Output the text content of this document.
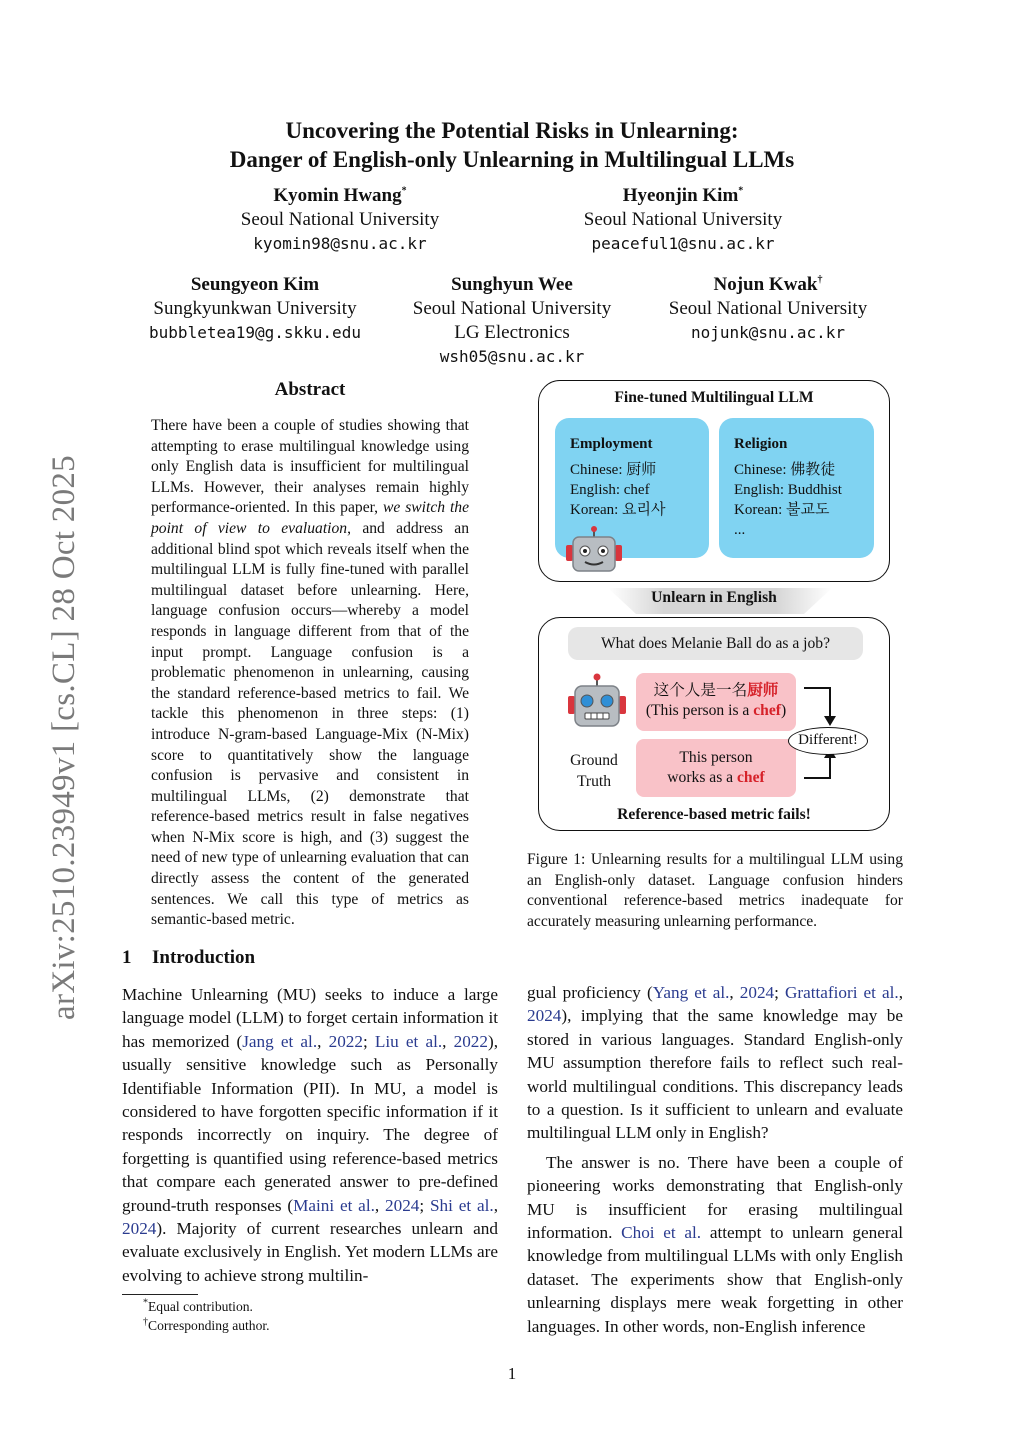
arXiv:2510.23949v1 [cs.CL] 28 Oct 2025
Uncovering the Potential Risks in Unlearning:
Danger of English-only Unlearning in Multilingual LLMs
Kyomin Hwang*
Seoul National University
kyomin98@snu.ac.kr
Hyeonjin Kim*
Seoul National University
peaceful1@snu.ac.kr
Seungyeon Kim
Sungkyunkwan University
bubbletea19@g.skku.edu
Sunghyun Wee
Seoul National University
LG Electronics
wsh05@snu.ac.kr
Nojun Kwak†
Seoul National University
nojunk@snu.ac.kr
Abstract
There have been a couple of studies showing that attempting to erase multilingual knowledge using only English data is insufficient for multilingual LLMs. However, their analyses remain highly performance-oriented. In this paper, we switch the point of view to evaluation, and address an additional blind spot which reveals itself when the multilingual LLM is fully fine-tuned with parallel multilingual dataset before unlearning. Here, language confusion occurs—whereby a model responds in language different from that of the input prompt. Language confusion is a problematic phenomenon in unlearning, causing the standard reference-based metrics to fail. We tackle this phenomenon in three steps: (1) introduce N-gram-based Language-Mix (N-Mix) score to quantitatively show the language confusion is pervasive and consistent in multilingual LLMs, (2) demonstrate that reference-based metrics result in false negatives when N-Mix score is high, and (3) suggest the need of new type of unlearning evaluation that can directly assess the content of the generated sentences. We call this type of metrics as semantic-based metric.
1 Introduction
Machine Unlearning (MU) seeks to induce a large language model (LLM) to forget certain information it has memorized (Jang et al., 2022; Liu et al., 2022), usually sensitive knowledge such as Personally Identifiable Information (PII). In MU, a model is considered to have forgotten specific information if it responds incorrectly on inquiry. The degree of forgetting is quantified using reference-based metrics that compare each generated answer to pre-defined ground-truth responses (Maini et al., 2024; Shi et al., 2024). Majority of current researches unlearn and evaluate exclusively in English. Yet modern LLMs are evolving to achieve strong multilin-
*Equal contribution.
†Corresponding author.

gual proficiency (Yang et al., 2024; Grattafiori et al., 2024), implying that the same knowledge may be stored in various languages. Standard English-only MU assumption therefore fails to reflect such real-world multilingual conditions. This discrepancy leads to a question. Is it sufficient to unlearn and evaluate multilingual LLM only in English?

The answer is no. There have been a couple of pioneering works demonstrating that English-only MU is insufficient for erasing multilingual information. Choi et al. attempt to unlearn general knowledge from multilingual LLMs with only English dataset. The experiments show that English-only unlearning displays mere weak forgetting in other languages. In other words, non-English inference

1
Fine-tuned Multilingual LLM
Employment
Chinese: 厨师
English: chef
Korean: 요리사
Religion
Chinese: 佛教徒
English: Buddhist
Korean: 불교도
...
Unlearn in English
What does Melanie Ball do as a job?
这个人是一名厨师
(This person is a chef)
Ground
Truth
This person
works as a chef
Different!
Reference-based metric fails!
Figure 1: Unlearning results for a multilingual LLM using an English-only dataset. Language confusion hinders conventional reference-based metrics inadequate for accurately measuring unlearning performance.
